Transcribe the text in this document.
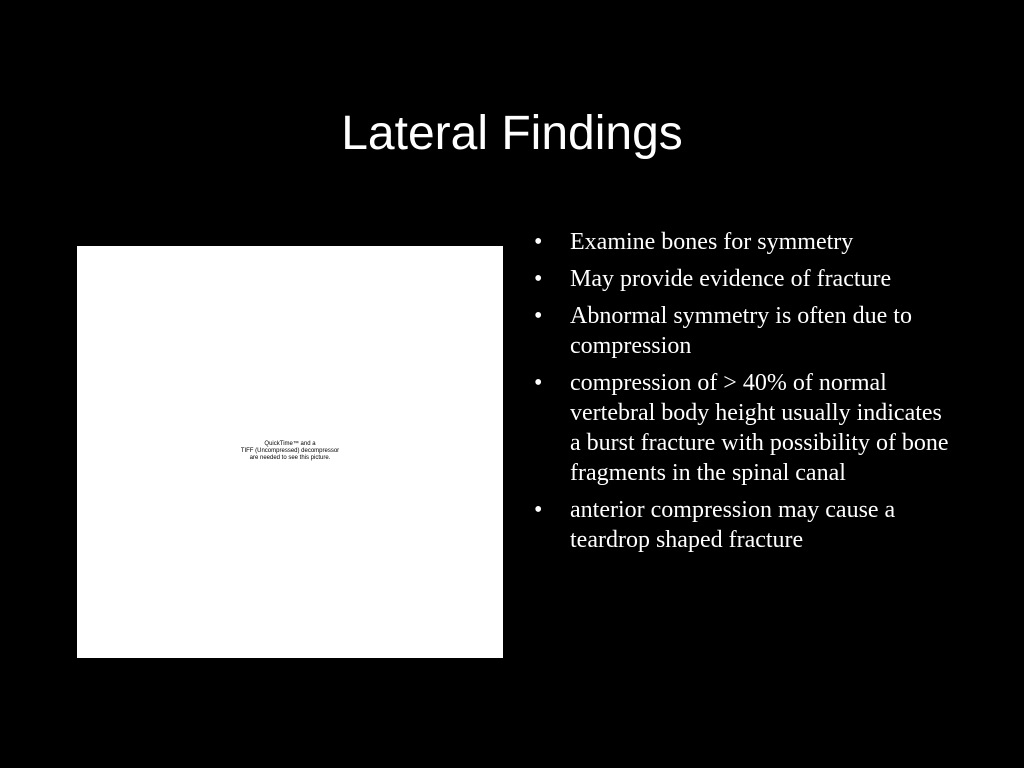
Lateral Findings
QuickTime™ and a
TIFF (Uncompressed) decompressor
are needed to see this picture.
•	Examine bones for symmetry
•	May provide evidence of fracture
•	Abnormal symmetry is often due to compression
•	compression of > 40% of normal vertebral body height usually indicates a burst fracture with possibility of bone fragments in the spinal canal
•	anterior compression may cause a teardrop shaped fracture
